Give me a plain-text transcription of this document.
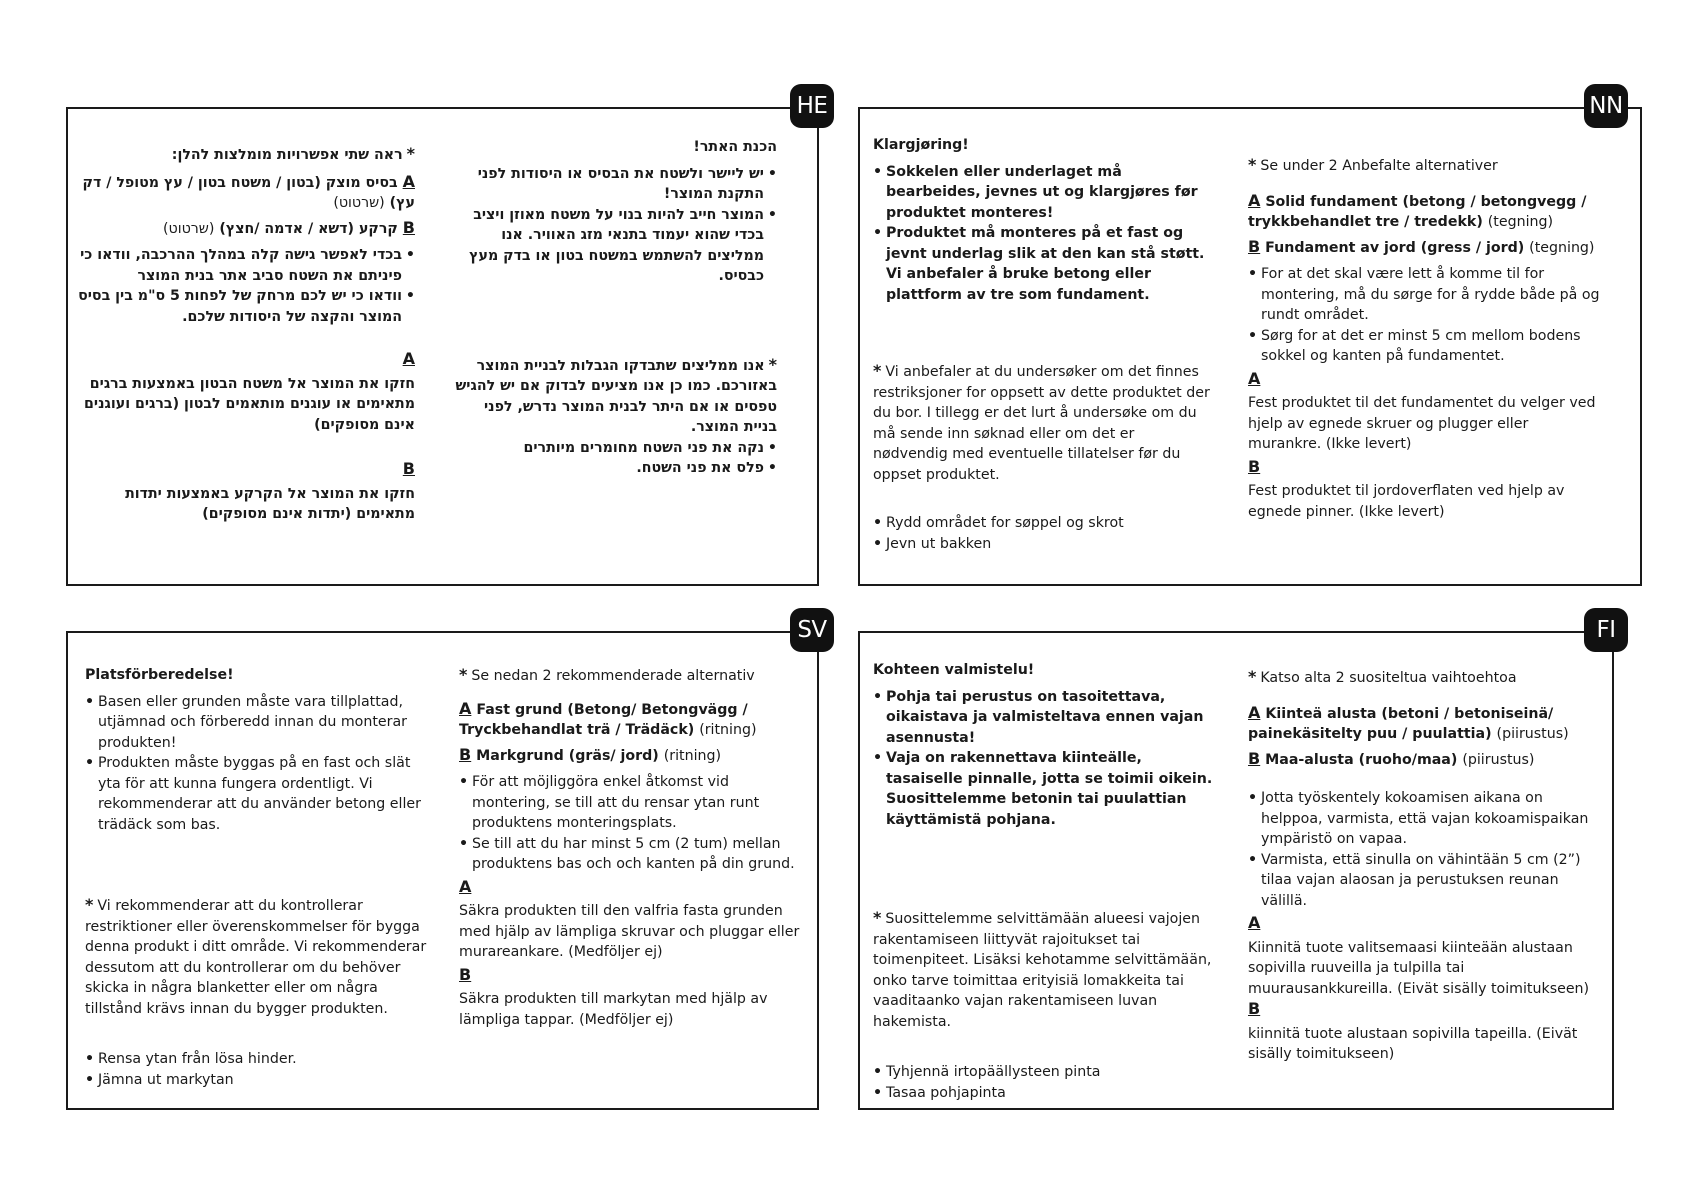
HE

הכנת האתר!

• יש ליישר ולשטח את הבסיס או היסודות לפני התקנת המוצר!

• המוצר חייב להיות בנוי על משטח מאוזן ויציב בכדי שהוא יעמוד בתנאי מזג האוויר. אנו ממליצים להשתמש במשטח בטון או בדק מעץ כבסיס.

*אנו ממליצים שתבדקו הגבלות לבניית המוצר באזורכם. כמו כן אנו מציעים לבדוק אם יש להגיש טפסים או אם היתר לבנית המוצר נדרש, לפני בניית המוצר.

• נקה את פני השטח מחומרים מיותרים

• פלס את פני השטח.

*ראה שתי אפשרויות מומלצות להלן:

A בסיס מוצק (בטון / משטח בטון / עץ מטופל / דק עץ) (שרטוט)

B קרקע (דשא / אדמה /חצץ) (שרטוט)

• בכדי לאפשר גישה קלה במהלך ההרכבה, וודאו כי פיניתם את השטח סביב אתר בנית המוצר

• וודאו כי יש לכם מרחק של לפחות 5 ס"מ בין בסיס המוצר והקצה של היסודות שלכם.

A

חזקו את המוצר אל משטח הבטון באמצעות ברגים מתאימים או עוגנים מותאמים לבטון (ברגים ועוגנים אינם מסופקים)

B

חזקו את המוצר אל הקרקע באמצעות יתדות מתאימים (יתדות אינם מסופקים)

NN

Klargjøring!

• Sokkelen eller underlaget må bearbeides, jevnes ut og klargjøres før produktet monteres!

• Produktet må monteres på et fast og jevnt underlag slik at den kan stå støtt. Vi anbefaler å bruke betong eller plattform av tre som fundament.

* Vi anbefaler at du undersøker om det finnes restriksjoner for oppsett av dette produktet der du bor. I tillegg er det lurt å undersøke om du må sende inn søknad eller om det er nødvendig med eventuelle tillatelser før du oppset produktet.

• Rydd området for søppel og skrot

• Jevn ut bakken

* Se under 2 Anbefalte alternativer

A Solid fundament (betong / betongvegg / trykkbehandlet tre / tredekk) (tegning)

B Fundament av jord (gress / jord) (tegning)

• For at det skal være lett å komme til for montering, må du sørge for å rydde både på og rundt området.

• Sørg for at det er minst 5 cm mellom bodens sokkel og kanten på fundamentet.

A

Fest produktet til det fundamentet du velger ved hjelp av egnede skruer og plugger eller murankre. (Ikke levert)

B

Fest produktet til jordoverflaten ved hjelp av egnede pinner. (Ikke levert)

SV

Platsförberedelse!

• Basen eller grunden måste vara tillplattad, utjämnad och förberedd innan du monterar produkten!

• Produkten måste byggas på en fast och slät yta för att kunna fungera ordentligt. Vi rekommenderar att du använder betong eller trädäck som bas.

* Vi rekommenderar att du kontrollerar restriktioner eller överenskommelser för bygga denna produkt i ditt område. Vi rekommenderar dessutom att du kontrollerar om du behöver skicka in några blanketter eller om några tillstånd krävs innan du bygger produkten.

• Rensa ytan från lösa hinder.

• Jämna ut markytan

* Se nedan 2 rekommenderade alternativ

A Fast grund (Betong/ Betongvägg / Tryckbehandlat trä / Trädäck) (ritning)

B Markgrund (gräs/ jord) (ritning)

• För att möjliggöra enkel åtkomst vid montering, se till att du rensar ytan runt produktens monteringsplats.

• Se till att du har minst 5 cm (2 tum) mellan produktens bas och och kanten på din grund.

A

Säkra produkten till den valfria fasta grunden med hjälp av lämpliga skruvar och pluggar eller murareankare. (Medföljer ej)

B

Säkra produkten till markytan med hjälp av lämpliga tappar. (Medföljer ej)

FI

Kohteen valmistelu!

• Pohja tai perustus on tasoitettava, oikaistava ja valmisteltava ennen vajan asennusta!

• Vaja on rakennettava kiinteälle, tasaiselle pinnalle, jotta se toimii oikein. Suosittelemme betonin tai puulattian käyttämistä pohjana.

* Suosittelemme selvittämään alueesi vajojen rakentamiseen liittyvät rajoitukset tai toimenpiteet. Lisäksi kehotamme selvittämään, onko tarve toimittaa erityisiä lomakkeita tai vaaditaanko vajan rakentamiseen luvan hakemista.

• Tyhjennä irtopäällysteen pinta

• Tasaa pohjapinta

* Katso alta 2 suositeltua vaihtoehtoa

A Kiinteä alusta (betoni / betoniseinä/ painekäsitelty puu / puulattia) (piirustus)

B Maa-alusta (ruoho/maa) (piirustus)

• Jotta työskentely kokoamisen aikana on helppoa, varmista, että vajan kokoamispaikan ympäristö on vapaa.

• Varmista, että sinulla on vähintään 5 cm (2”) tilaa vajan alaosan ja perustuksen reunan välillä.

A

Kiinnitä tuote valitsemaasi kiinteään alustaan sopivilla ruuveilla ja tulpilla tai muurausankkureilla. (Eivät sisälly toimitukseen)

B

kiinnitä tuote alustaan sopivilla tapeilla. (Eivät sisälly toimitukseen)
